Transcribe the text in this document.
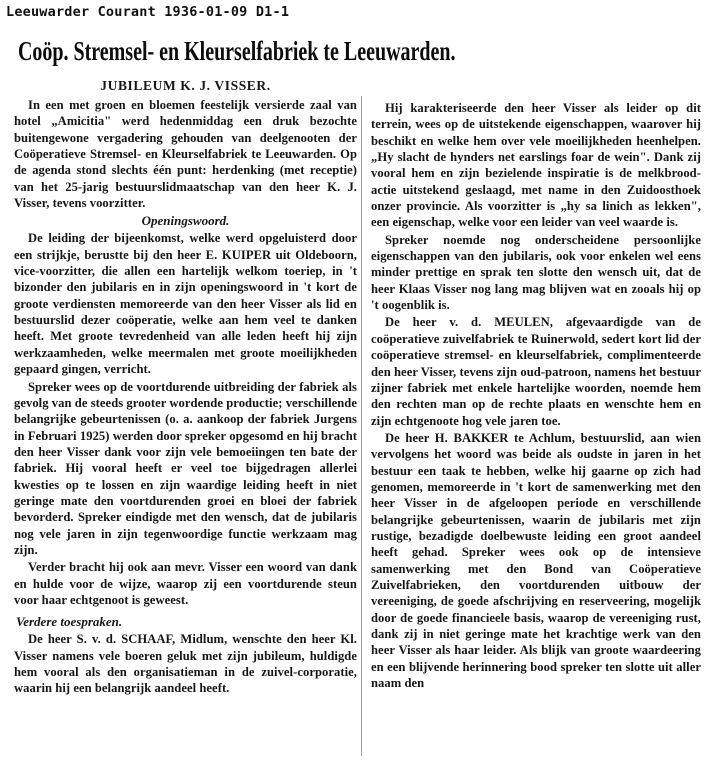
Leeuwarder Courant 1936-01-09 D1-1
Coöp. Stremsel- en Kleurselfabriek te Leeuwarden.
JUBILEUM K. J. VISSER.

In een met groen en bloemen feestelijk versierde zaal van hotel „Amicitia" werd hedenmiddag een druk bezochte buitengewone vergadering gehouden van deelgenooten der Coöperatieve Stremsel- en Kleurselfabriek te Leeuwarden. Op de agenda stond slechts één punt: herdenking (met receptie) van het 25-jarig bestuurslidmaatschap van den heer K. J. Visser, tevens voorzitter.

Openingswoord.

De leiding der bijeenkomst, welke werd opgeluisterd door een strijkje, berustte bij den heer E. KUIPER uit Oldeboorn, vice-voorzitter, die allen een hartelijk welkom toeriep, in 't bizonder den jubilaris en in zijn openingswoord in 't kort de groote verdiensten memoreerde van den heer Visser als lid en bestuurslid dezer coöperatie, welke aan hem veel te danken heeft. Met groote tevredenheid van alle leden heeft hij zijn werkzaamheden, welke meermalen met groote moeilijkheden gepaard gingen, verricht.

Spreker wees op de voortdurende uitbreiding der fabriek als gevolg van de steeds grooter wordende productie; verschillende belangrijke gebeurtenissen (o. a. aankoop der fabriek Jurgens in Februari 1925) werden door spreker opgesomd en hij bracht den heer Visser dank voor zijn vele bemoeiingen ten bate der fabriek. Hij vooral heeft er veel toe bijgedragen allerlei kwesties op te lossen en zijn waardige leiding heeft in niet geringe mate den voortdurenden groei en bloei der fabriek bevorderd. Spreker eindigde met den wensch, dat de jubilaris nog vele jaren in zijn tegenwoordige functie werkzaam mag zijn.

Verder bracht hij ook aan mevr. Visser een woord van dank en hulde voor de wijze, waarop zij een voortdurende steun voor haar echtgenoot is geweest.

Verdere toespraken.

De heer S. v. d. SCHAAF, Midlum, wenschte den heer Kl. Visser namens vele boeren geluk met zijn jubileum, huldigde hem vooral als den organisatieman in de zuivel-corporatie, waarin hij een belangrijk aandeel heeft.

Hij karakteriseerde den heer Visser als leider op dit terrein, wees op de uitstekende eigenschappen, waarover hij beschikt en welke hem over vele moeilijkheden heenhelpen. „Hy slacht de hynders net earslings foar de wein". Dank zij vooral hem en zijn bezielende inspiratie is de melkbrood-actie uitstekend geslaagd, met name in den Zuidoosthoek onzer provincie. Als voorzitter is „hy sa linich as lekken", een eigenschap, welke voor een leider van veel waarde is.

Spreker noemde nog onderscheidene persoonlijke eigenschappen van den jubilaris, ook voor enkelen wel eens minder prettige en sprak ten slotte den wensch uit, dat de heer Klaas Visser nog lang mag blijven wat en zooals hij op 't oogenblik is.

De heer v. d. MEULEN, afgevaardigde van de coöperatieve zuivelfabriek te Ruinerwold, sedert kort lid der coöperatieve stremsel- en kleurselfabriek, complimenteerde den heer Visser, tevens zijn oud-patroon, namens het bestuur zijner fabriek met enkele hartelijke woorden, noemde hem den rechten man op de rechte plaats en wenschte hem en zijn echtgenoote hog vele jaren toe.

De heer H. BAKKER te Achlum, bestuurslid, aan wien vervolgens het woord was beide als oudste in jaren in het bestuur een taak te hebben, welke hij gaarne op zich had genomen, memoreerde in 't kort de samenwerking met den heer Visser in de afgeloopen periode en verschillende belangrijke gebeurtenissen, waarin de jubilaris met zijn rustige, bezadigde doelbewuste leiding een groot aandeel heeft gehad. Spreker wees ook op de intensieve samenwerking met den Bond van Coöperatieve Zuivelfabrieken, den voortdurenden uitbouw der vereeniging, de goede afschrijving en reserveering, mogelijk door de goede financieele basis, waarop de vereeniging rust, dank zij in niet geringe mate het krachtige werk van den heer Visser als haar leider. Als blijk van groote waardeering en een blijvende herinnering bood spreker ten slotte uit aller naam den
